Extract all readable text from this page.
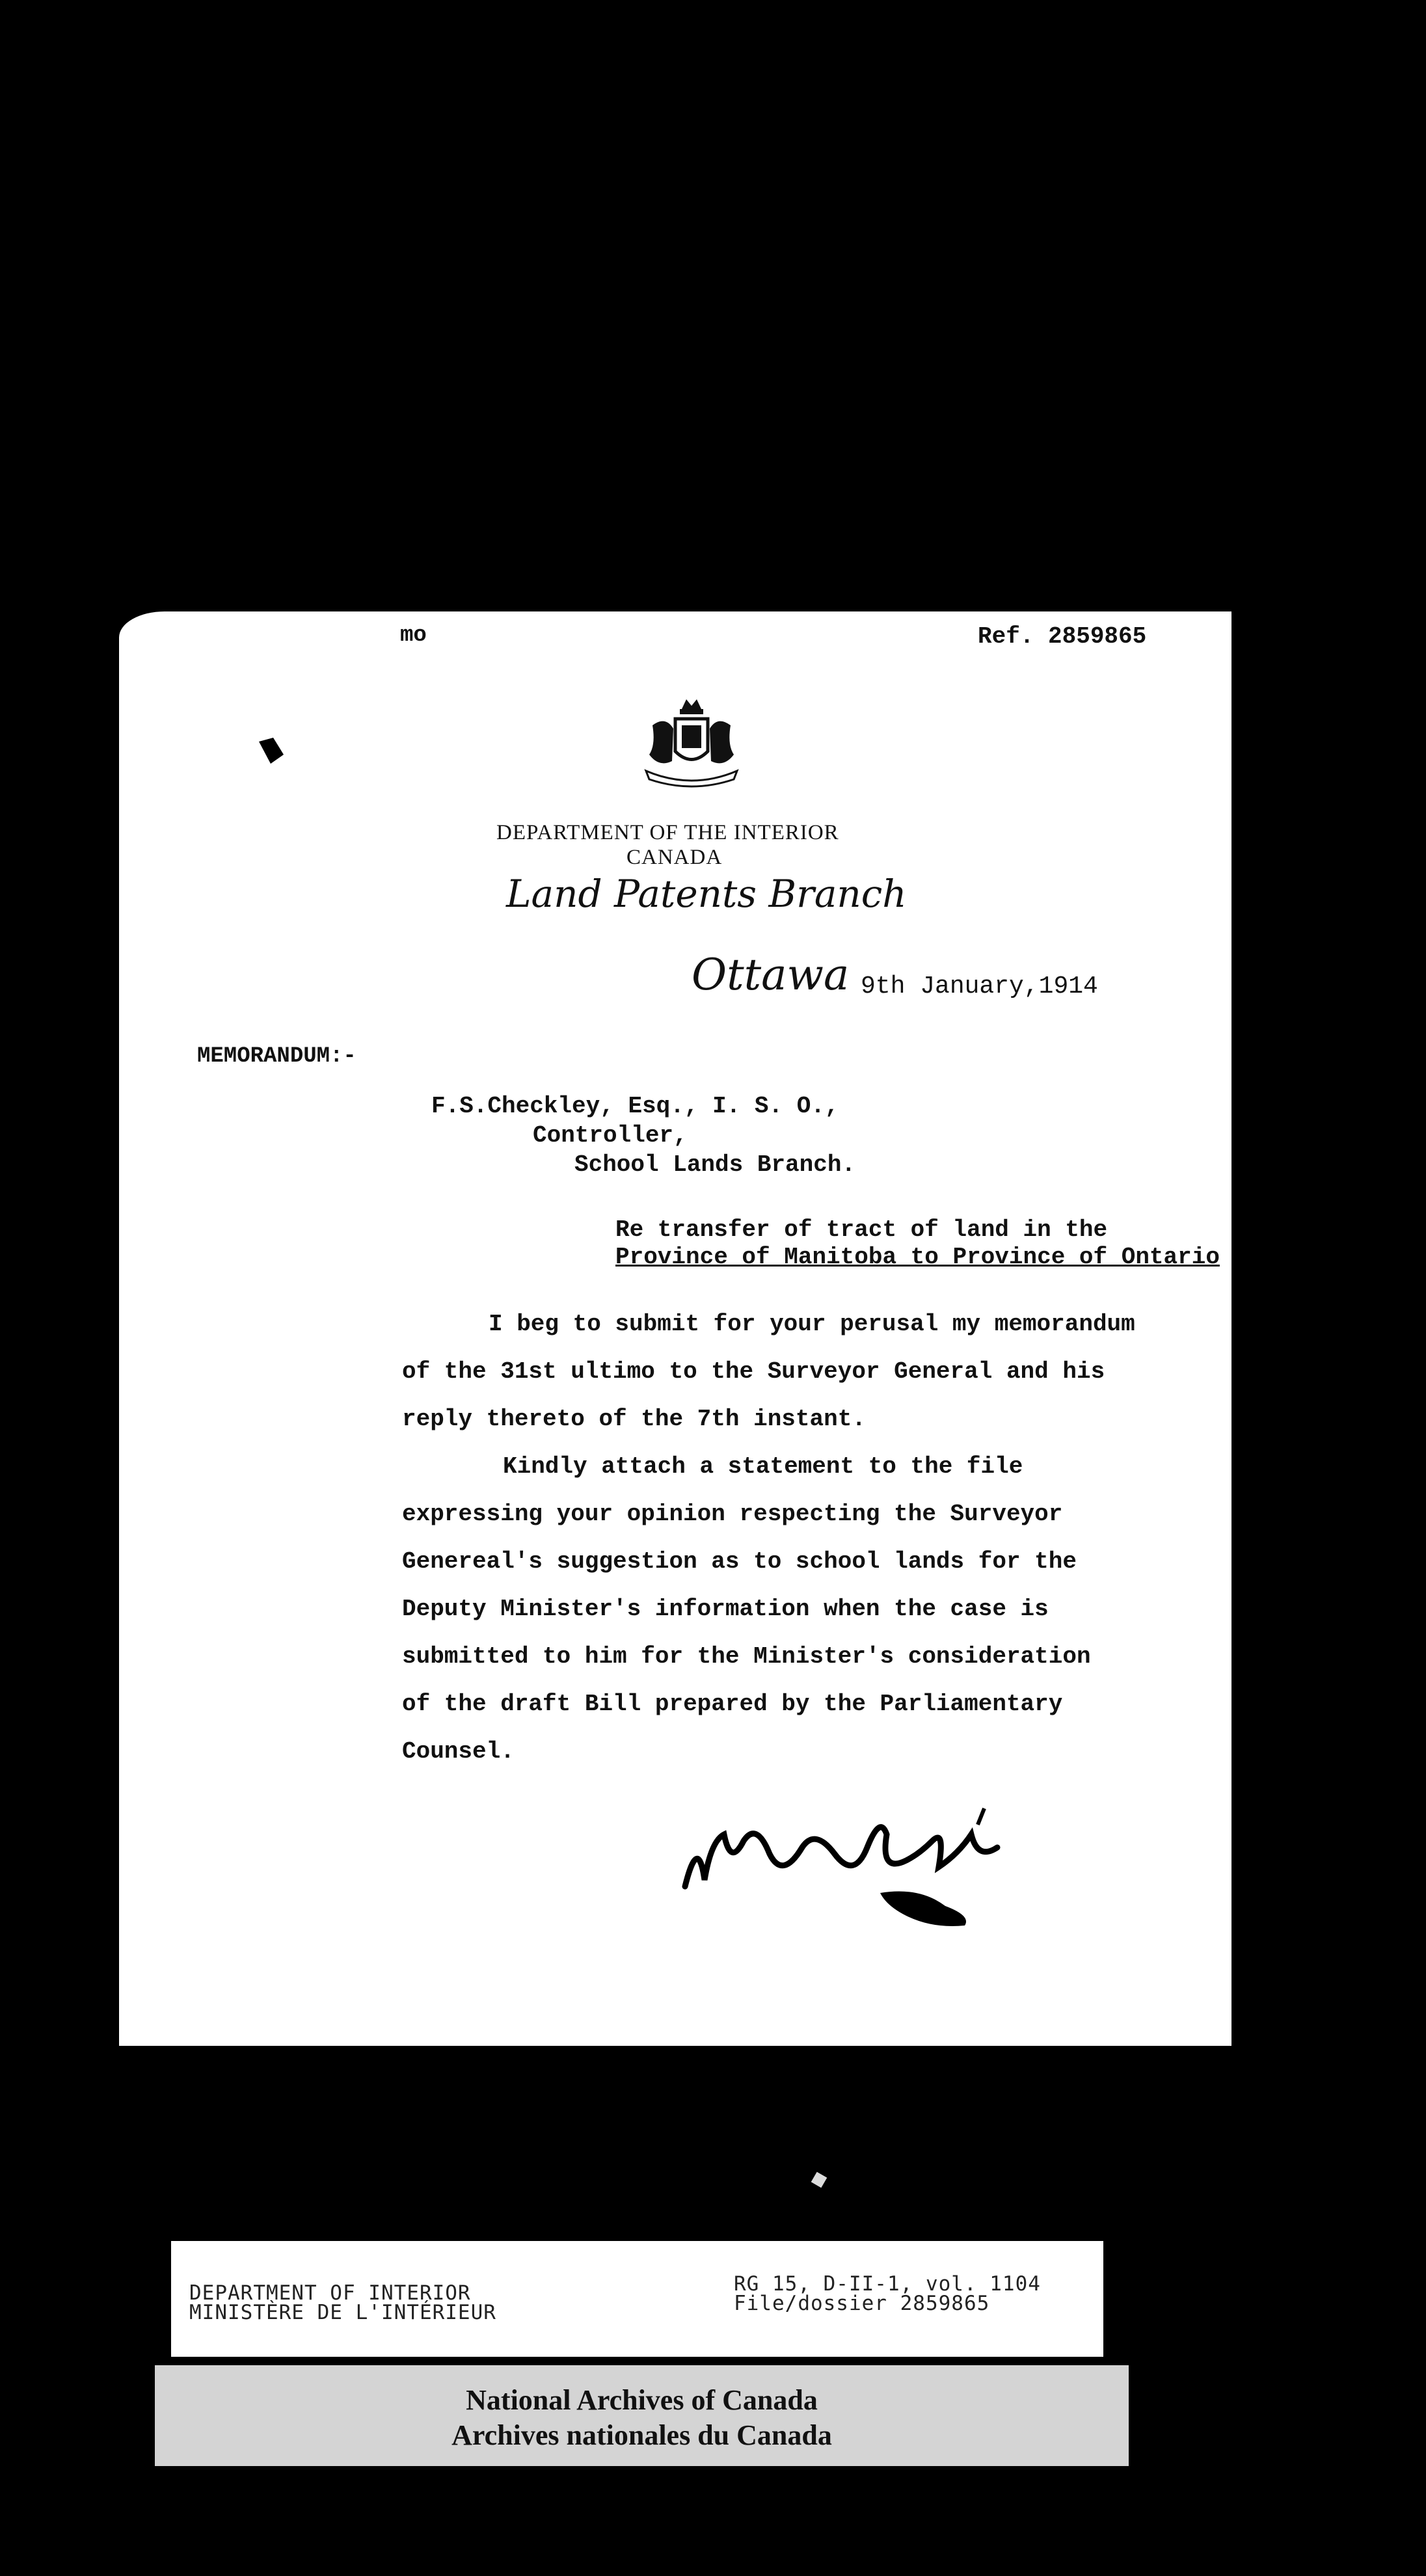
mo	Ref. 2859865
DEPARTMENT OF THE INTERIOR
CANADA
Land Patents Branch
Ottawa 9th January,1914
MEMORANDUM:-
F.S.Checkley, Esq., I. S. O.,
Controller,
School Lands Branch.
Re transfer of tract of land in the
Province of Manitoba to Province of Ontario
I beg to submit for your perusal my memorandum
of the 31st ultimo to the Surveyor General and his
reply thereto of the 7th instant.
Kindly attach a statement to the file
expressing your opinion respecting the Surveyor
Genereal's suggestion as to school lands for the
Deputy Minister's information when the case is
submitted to him for the Minister's consideration
of the draft Bill prepared by the Parliamentary
Counsel.
DEPARTMENT OF INTERIOR
MINISTÈRE DE L'INTÉRIEUR
RG 15, D-II-1, vol. 1104
File/dossier 2859865
National Archives of Canada
Archives nationales du Canada
